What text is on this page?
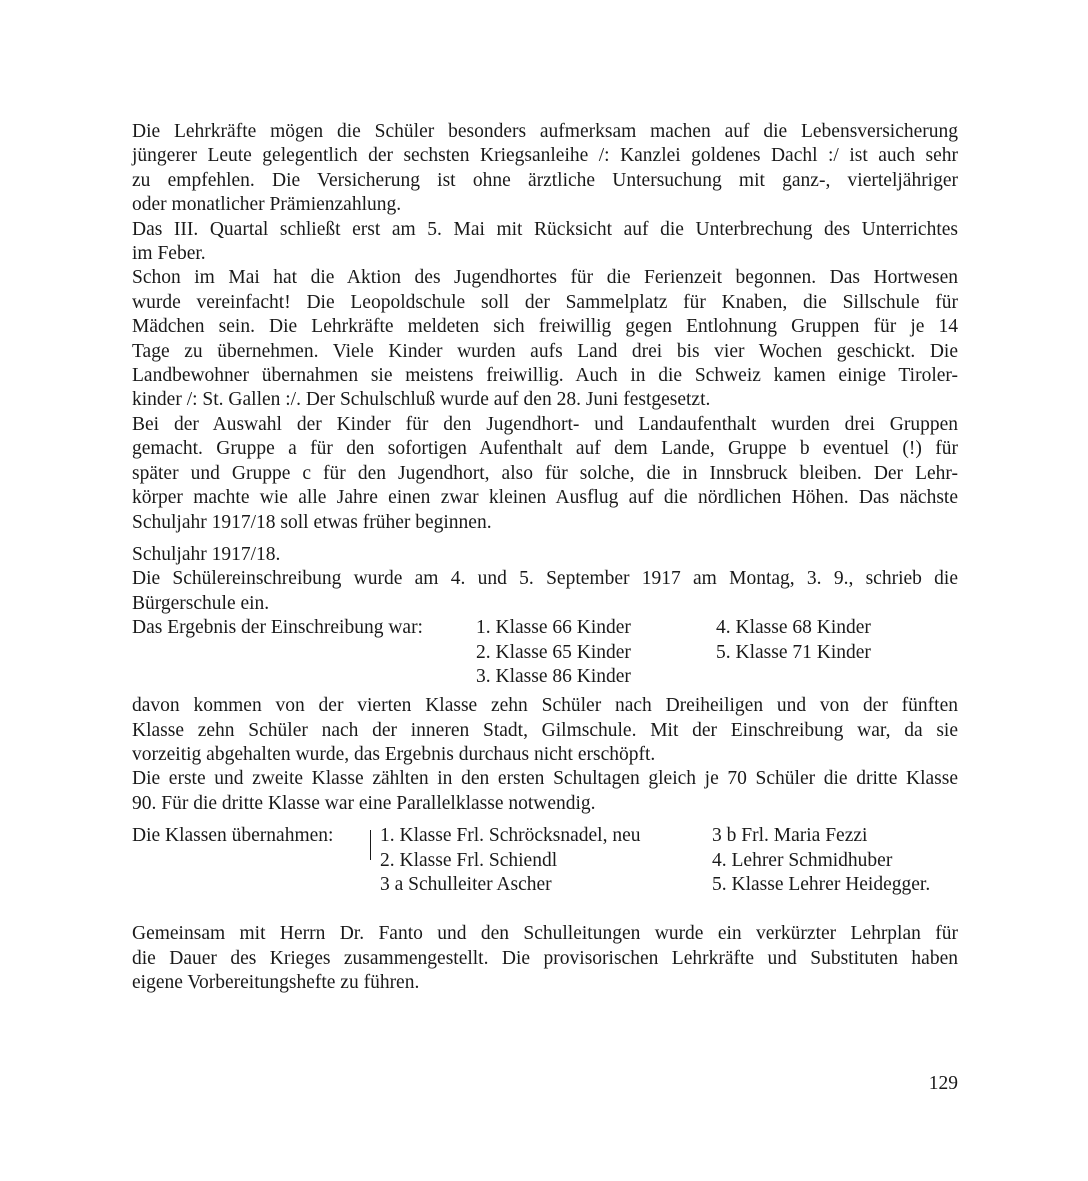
Die Lehrkräfte mögen die Schüler besonders aufmerksam machen auf die Lebensversicherung
jüngerer Leute gelegentlich der sechsten Kriegsanleihe /: Kanzlei goldenes Dachl :/ ist auch sehr
zu empfehlen. Die Versicherung ist ohne ärztliche Untersuchung mit ganz-, vierteljähriger
oder monatlicher Prämienzahlung.
Das III. Quartal schließt erst am 5. Mai mit Rücksicht auf die Unterbrechung des Unterrichtes
im Feber.
Schon im Mai hat die Aktion des Jugendhortes für die Ferienzeit begonnen. Das Hortwesen
wurde vereinfacht! Die Leopoldschule soll der Sammelplatz für Knaben, die Sillschule für
Mädchen sein. Die Lehrkräfte meldeten sich freiwillig gegen Entlohnung Gruppen für je 14
Tage zu übernehmen. Viele Kinder wurden aufs Land drei bis vier Wochen geschickt. Die
Landbewohner übernahmen sie meistens freiwillig. Auch in die Schweiz kamen einige Tiroler-
kinder /: St. Gallen :/. Der Schulschluß wurde auf den 28. Juni festgesetzt.
Bei der Auswahl der Kinder für den Jugendhort- und Landaufenthalt wurden drei Gruppen
gemacht. Gruppe a für den sofortigen Aufenthalt auf dem Lande, Gruppe b eventuel (!) für
später und Gruppe c für den Jugendhort, also für solche, die in Innsbruck bleiben. Der Lehr-
körper machte wie alle Jahre einen zwar kleinen Ausflug auf die nördlichen Höhen. Das nächste
Schuljahr 1917/18 soll etwas früher beginnen.
Schuljahr 1917/18.
Die Schülereinschreibung wurde am 4. und 5. September 1917 am Montag, 3. 9., schrieb die
Bürgerschule ein.
Das Ergebnis der Einschreibung war:	1. Klasse 66 Kinder
2. Klasse 65 Kinder
3. Klasse 86 Kinder
4. Klasse 68 Kinder
5. Klasse 71 Kinder
davon kommen von der vierten Klasse zehn Schüler nach Dreiheiligen und von der fünften
Klasse zehn Schüler nach der inneren Stadt, Gilmschule. Mit der Einschreibung war, da sie
vorzeitig abgehalten wurde, das Ergebnis durchaus nicht erschöpft.
Die erste und zweite Klasse zählten in den ersten Schultagen gleich je 70 Schüler die dritte Klasse
90. Für die dritte Klasse war eine Parallelklasse notwendig.
Die Klassen übernahmen: 1. Klasse Frl. Schröcksnadel, neu
2. Klasse Frl. Schiendl
3 a Schulleiter Ascher
3 b Frl. Maria Fezzi
4. Lehrer Schmidhuber
5. Klasse Lehrer Heidegger.
Gemeinsam mit Herrn Dr. Fanto und den Schulleitungen wurde ein verkürzter Lehrplan für
die Dauer des Krieges zusammengestellt. Die provisorischen Lehrkräfte und Substituten haben
eigene Vorbereitungshefte zu führen.
129
